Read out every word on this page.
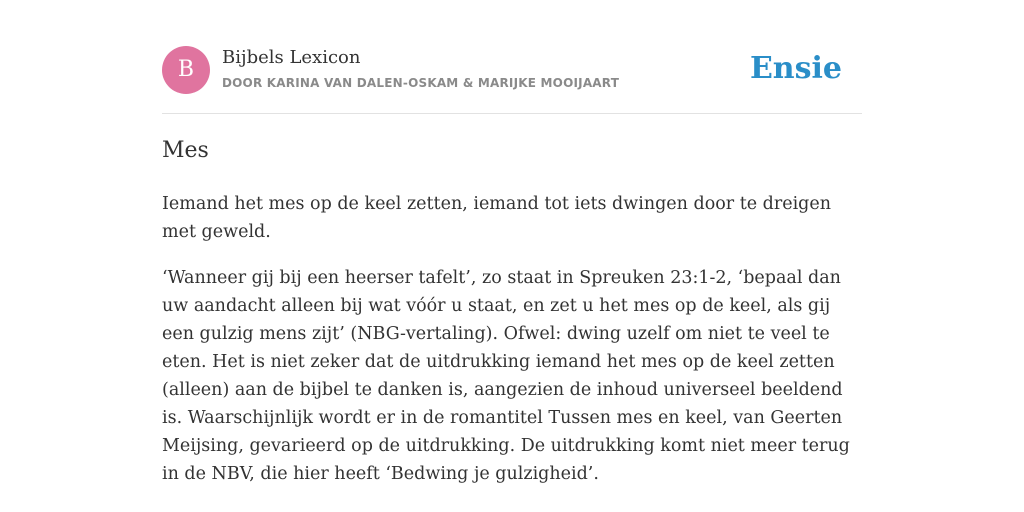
B	Bijbels Lexicon
DOOR KARINA VAN DALEN-OSKAM & MARIJKE MOOIJAART	Ensie
Mes

Iemand het mes op de keel zetten, iemand tot iets dwingen door te dreigen met geweld.

‘Wanneer gij bij een heerser tafelt’, zo staat in Spreuken 23:1-2, ‘bepaal dan uw aandacht alleen bij wat vóór u staat, en zet u het mes op de keel, als gij een gulzig mens zijt’ (NBG-vertaling). Ofwel: dwing uzelf om niet te veel te eten. Het is niet zeker dat de uitdrukking iemand het mes op de keel zetten (alleen) aan de bijbel te danken is, aangezien de inhoud universeel beeldend is. Waarschijnlijk wordt er in de romantitel Tussen mes en keel, van Geerten Meijsing, gevarieerd op de uitdrukking. De uitdrukking komt niet meer terug in de NBV, die hier heeft ‘Bedwing je gulzigheid’.
